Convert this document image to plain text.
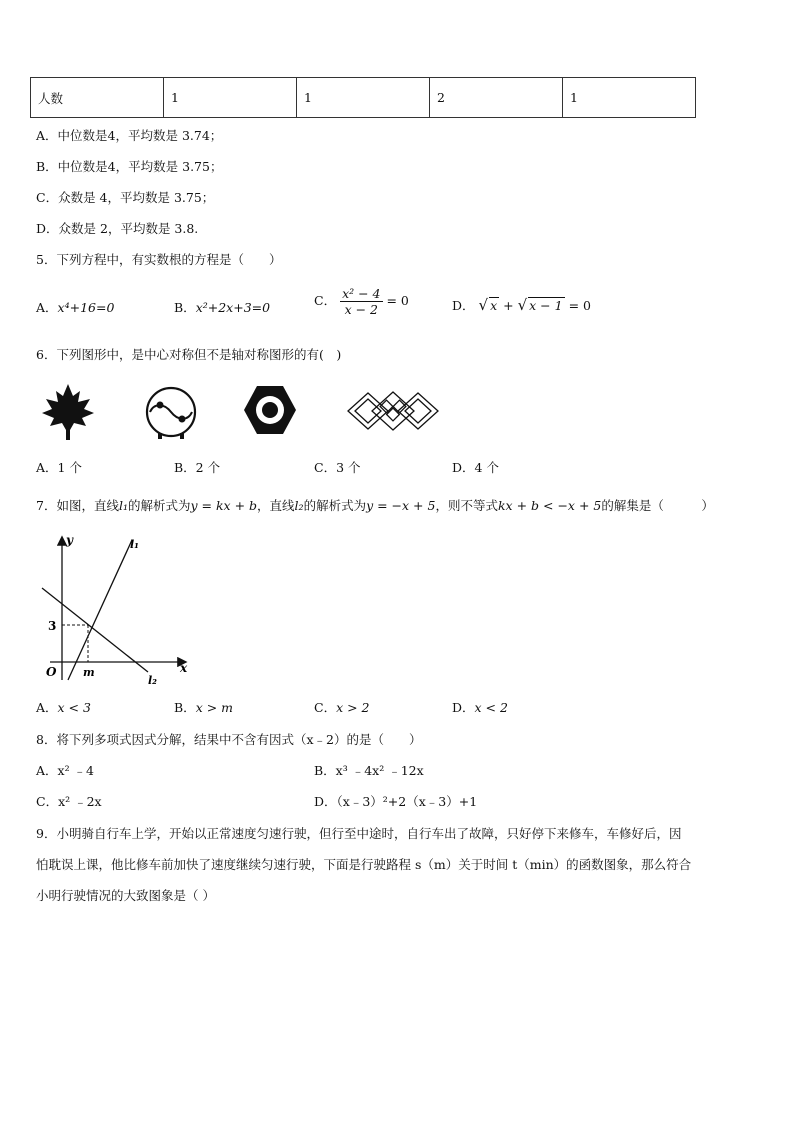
人数	1	1	2	1
A．中位数是4，平均数是 3.74；
B．中位数是4，平均数是 3.75；
C．众数是 4，平均数是 3.75；
D．众数是 2，平均数是 3.8.
5．下列方程中，有实数根的方程是（　　）
A．x⁴+16=0	B．x²+2x+3=0	C． $\frac{\text{x² − 4}}{x - 2} = 0$	D． √ x + √ x − 1 = 0
6．下列图形中，是中心对称但不是轴对称图形的有(　)
A．1 个	B．2 个	C．3 个	D．4 个
7．如图，直线l₁的解析式为y = kx + b，直线l₂的解析式为y = −x + 5，则不等式kx + b < −x + 5的解集是（　　　）
y
x
O
3
m
l₁
l₂
A．x < 3	B．x > m	C．x > 2	D．x < 2
8．将下列多项式因式分解，结果中不含有因式（x﹣2）的是（　　）
A．x² ﹣4	B．x³ ﹣4x² ﹣12x
C．x² ﹣2x	D．（x﹣3）²+2（x﹣3）+1
9．小明骑自行车上学，开始以正常速度匀速行驶，但行至中途时，自行车出了故障，只好停下来修车，车修好后，因
怕耽误上课，他比修车前加快了速度继续匀速行驶，下面是行驶路程 s（m）关于时间 t（min）的函数图象，那么符合
小明行驶情况的大致图象是（ ）
